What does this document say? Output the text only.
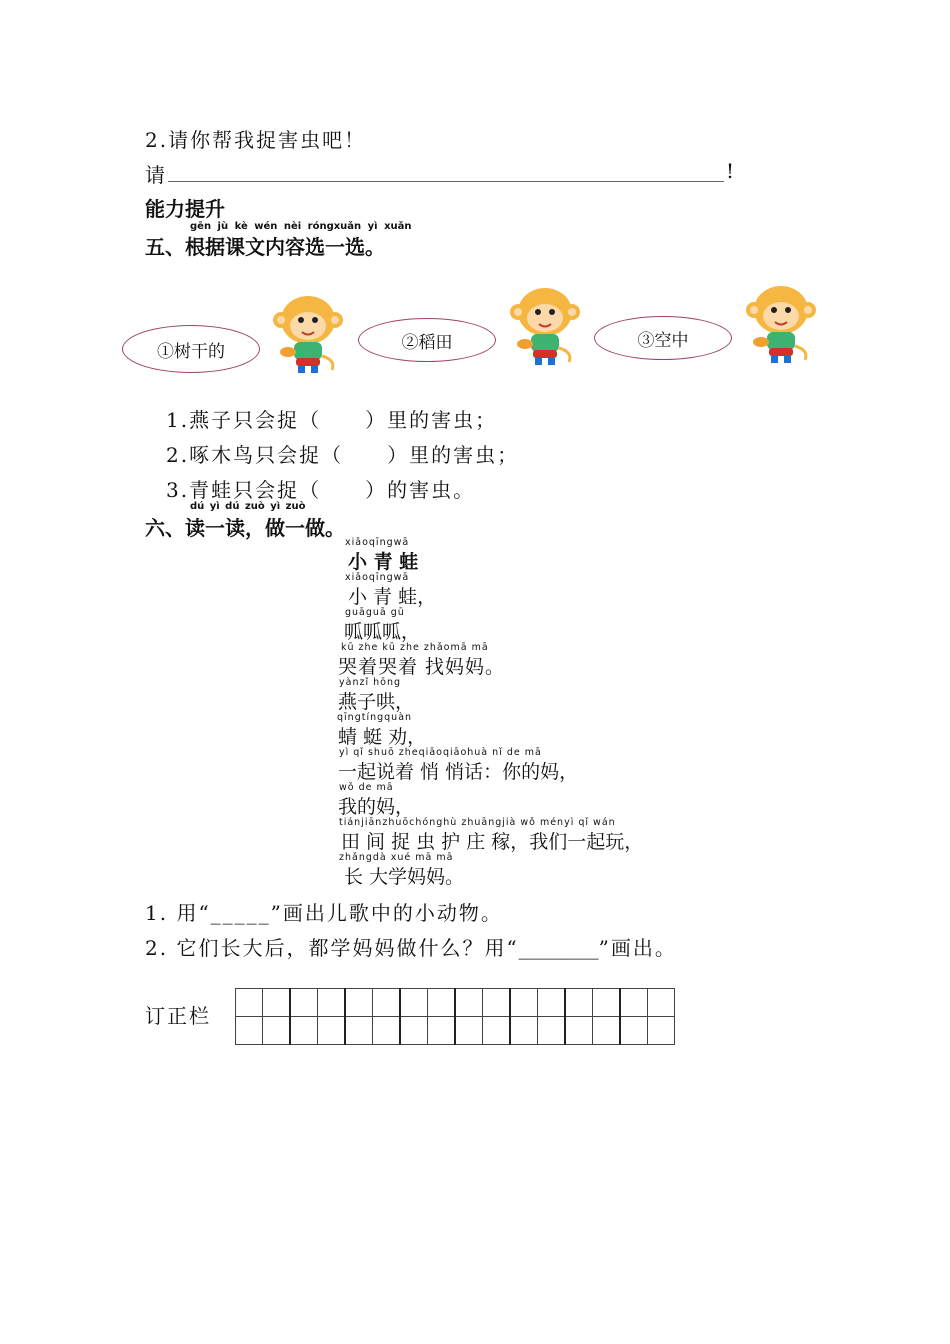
2.请你帮我捉害虫吧！
请	!
能力提升
gēn jù kè wén nèi róngxuǎn yì xuǎn
五、根据课文内容选一选。
①树干的	②稻田	③空中
1.燕子只会捉（　　）里的害虫；
2.啄木鸟只会捉（　　）里的害虫；
3.青蛙只会捉（　　）的害虫。
dú yì dú zuò yì zuò
六、读一读，做一做。
xiǎoqīngwā
小 青 蛙
xiǎoqīngwā
小 青 蛙，
guāguā gū
呱呱呱，
kū zhe kū zhe zhǎomā mā
哭着哭着 找妈妈。
yànzǐ hōng
燕子哄，
qīngtíngquàn
蜻 蜓 劝，
yì qǐ shuō zheqiāoqiāohuà nǐ de mā
一起说着 悄 悄话：你的妈，
wǒ de mā
我的妈，
tiánjiānzhuōchónghù zhuāngjià wǒ ményì qǐ wán
田 间 捉 虫 护 庄 稼，我们一起玩，
zhǎngdà xué mā mā
长 大学妈妈。
1. 用“_____”画出儿歌中的小动物。
2. 它们长大后，都学妈妈做什么？用“________”画出。
订正栏
